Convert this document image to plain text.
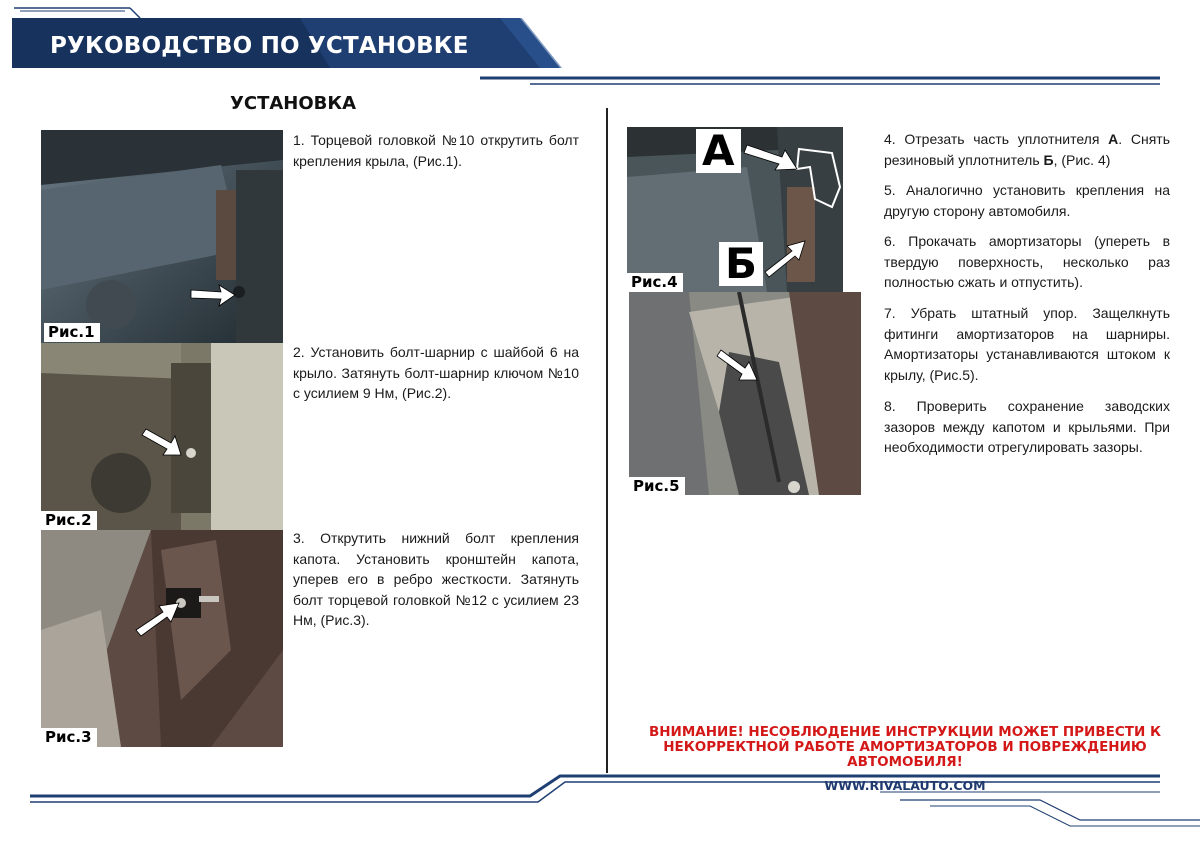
РУКОВОДСТВО ПО УСТАНОВКЕ
УСТАНОВКА
Рис.1
Рис.2
Рис.3
А
Б
Рис.4
Рис.5
1. Торцевой головкой №10 открутить болт крепления крыла, (Рис.1).
2. Установить болт-шарнир с шайбой 6 на крыло. Затянуть болт-шарнир ключом №10 с усилием 9 Нм, (Рис.2).
3. Открутить нижний болт крепления капота. Установить кронштейн капота, уперев его в ребро жесткости. Затянуть болт торцевой головкой №12 с усилием 23 Нм, (Рис.3).
4. Отрезать часть уплотнителя А. Снять резиновый уплотнитель Б, (Рис. 4)
5. Аналогично установить крепления на другую сторону автомобиля.
6. Прокачать амортизаторы (упереть в твердую поверхность, несколько раз полностью сжать и отпустить).
7. Убрать штатный упор. Защелкнуть фитинги амортизаторов на шарниры. Амортизаторы устанавливаются штоком к крылу, (Рис.5).
8. Проверить сохранение заводских зазоров между капотом и крыльями. При необходимости отрегулировать зазоры.
ВНИМАНИЕ! НЕСОБЛЮДЕНИЕ ИНСТРУКЦИИ МОЖЕТ ПРИВЕСТИ К НЕКОРРЕКТНОЙ РАБОТЕ АМОРТИЗАТОРОВ И ПОВРЕЖДЕНИЮ АВТОМОБИЛЯ!
WWW.RIVALAUTO.COM
